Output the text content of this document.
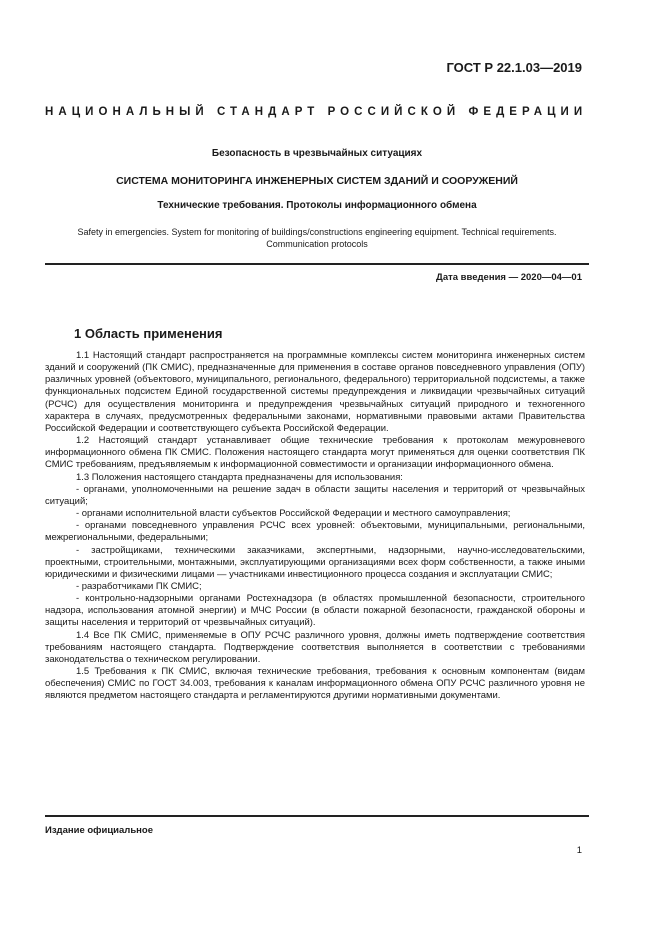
ГОСТ Р 22.1.03—2019
НАЦИОНАЛЬНЫЙ СТАНДАРТ РОССИЙСКОЙ ФЕДЕРАЦИИ
Безопасность в чрезвычайных ситуациях
СИСТЕМА МОНИТОРИНГА ИНЖЕНЕРНЫХ СИСТЕМ ЗДАНИЙ И СООРУЖЕНИЙ
Технические требования. Протоколы информационного обмена
Safety in emergencies. System for monitoring of buildings/constructions engineering equipment. Technical requirements.
Communication protocols
Дата введения — 2020—04—01
1 Область применения

1.1 Настоящий стандарт распространяется на программные комплексы систем мониторинга инженерных систем зданий и сооружений (ПК СМИС), предназначенные для применения в составе органов повседневного управления (ОПУ) различных уровней (объектового, муниципального, регионального, федерального) территориальной подсистемы, а также функциональных подсистем Единой государственной системы предупреждения и ликвидации чрезвычайных ситуаций (РСЧС) для осуществления мониторинга и предупреждения чрезвычайных ситуаций природного и техногенного характера в случаях, предусмотренных федеральными законами, нормативными правовыми актами Правительства Российской Федерации и соответствующего субъекта Российской Федерации.

1.2 Настоящий стандарт устанавливает общие технические требования к протоколам межуровневого информационного обмена ПК СМИС. Положения настоящего стандарта могут применяться для оценки соответствия ПК СМИС требованиям, предъявляемым к информационной совместимости и организации информационного обмена.

1.3 Положения настоящего стандарта предназначены для использования:

- органами, уполномоченными на решение задач в области защиты населения и территорий от чрезвычайных ситуаций;

- органами исполнительной власти субъектов Российской Федерации и местного самоуправления;

- органами повседневного управления РСЧС всех уровней: объектовыми, муниципальными, региональными, межрегиональными, федеральными;

- застройщиками, техническими заказчиками, экспертными, надзорными, научно-исследовательскими, проектными, строительными, монтажными, эксплуатирующими организациями всех форм собственности, а также иными юридическими и физическими лицами — участниками инвестиционного процесса создания и эксплуатации СМИС;

- разработчиками ПК СМИС;

- контрольно-надзорными органами Ростехнадзора (в областях промышленной безопасности, строительного надзора, использования атомной энергии) и МЧС России (в области пожарной безопасности, гражданской обороны и защиты населения и территорий от чрезвычайных ситуаций).

1.4 Все ПК СМИС, применяемые в ОПУ РСЧС различного уровня, должны иметь подтверждение соответствия требованиям настоящего стандарта. Подтверждение соответствия выполняется в соответствии с требованиями законодательства о техническом регулировании.

1.5 Требования к ПК СМИС, включая технические требования, требования к основным компонентам (видам обеспечения) СМИС по ГОСТ 34.003, требования к каналам информационного обмена ОПУ РСЧС различного уровня не являются предметом настоящего стандарта и регламентируются другими нормативными документами.

Издание официальное
1
